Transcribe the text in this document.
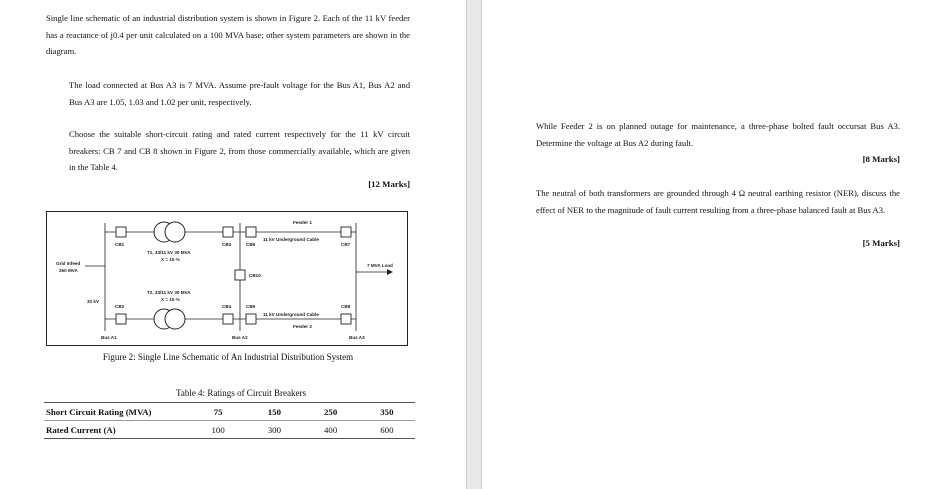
Single line schematic of an industrial distribution system is shown in Figure 2. Each of the 11 kV feeder has a reactance of j0.4 per unit calculated on a 100 MVA base; other system parameters are shown in the diagram.
The load connected at Bus A3 is 7 MVA. Assume pre-fault voltage for the Bus A1, Bus A2 and Bus A3 are 1.05, 1.03 and 1.02 per unit, respectively.
Choose the suitable short-circuit rating and rated current respectively for the 11 kV circuit breakers: CB 7 and CB 8 shown in Figure 2, from those commercially available, which are given in the Table 4.
[12 Marks]
Grid Infeed
250 MVA
33 kV
CB1
CB2
CB3
CB4
CB5
CB6
CB7
CB8
CB10
T1, 33/11 kV 30 MVA
X = 15 %
T2, 33/11 kV 30 MVA
X = 15 %
Feeder 1
11 kV Underground Cable
11 kV Underground Cable
Feeder 2
7 MVA Load
Bus A1	Bus A2	Bus A3
Figure 2: Single Line Schematic of An Industrial Distribution System
Table 4: Ratings of Circuit Breakers
Short Circuit Rating (MVA)	75	150	250	350
Rated Current (A)	100	300	400	600
While Feeder 2 is on planned outage for maintenance, a three-phase bolted fault occursat Bus A3. Determine the voltage at Bus A2 during fault.
[8 Marks]
The neutral of both transformers are grounded through 4 Ω neutral earthing resistor (NER), discuss the effect of NER to the magnitude of fault current resulting from a three-phase balanced fault at Bus A3.
[5 Marks]
